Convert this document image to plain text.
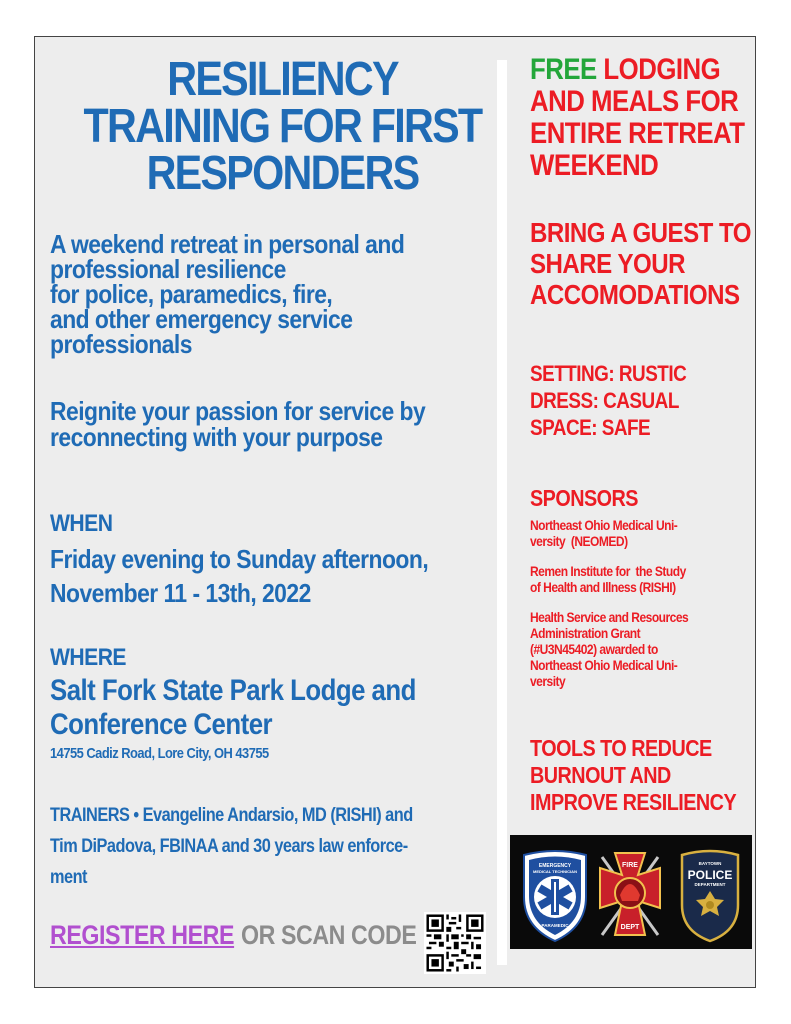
RESILIENCY
TRAINING FOR FIRST
RESPONDERS
A weekend retreat in personal and
professional resilience
for police, paramedics, fire,
and other emergency service
professionals
Reignite your passion for service by
reconnecting with your purpose
WHEN
Friday evening to Sunday afternoon,
November 11 - 13th, 2022
WHERE
Salt Fork State Park Lodge and
Conference Center
14755 Cadiz Road, Lore City, OH 43755
TRAINERS • Evangeline Andarsio, MD (RISHI) and
Tim DiPadova, FBINAA and 30 years law enforce-
ment
REGISTER HERE OR SCAN CODE
FREE LODGING
AND MEALS FOR
ENTIRE RETREAT
WEEKEND
BRING A GUEST TO
SHARE YOUR
ACCOMODATIONS
SETTING: RUSTIC
DRESS: CASUAL
SPACE: SAFE
SPONSORS
Northeast Ohio Medical Uni-
versity  (NEOMED)
Remen Institute for  the Study
of Health and Illness (RISHI)
Health Service and Resources
Administration Grant
(#U3N45402) awarded to
Northeast Ohio Medical Uni-
versity
TOOLS TO REDUCE
BURNOUT AND
IMPROVE RESILIENCY
EMERGENCY
MEDICAL TECHNICIAN
PARAMEDIC
FIRE
DEPT
BAYTOWN
POLICE
DEPARTMENT
